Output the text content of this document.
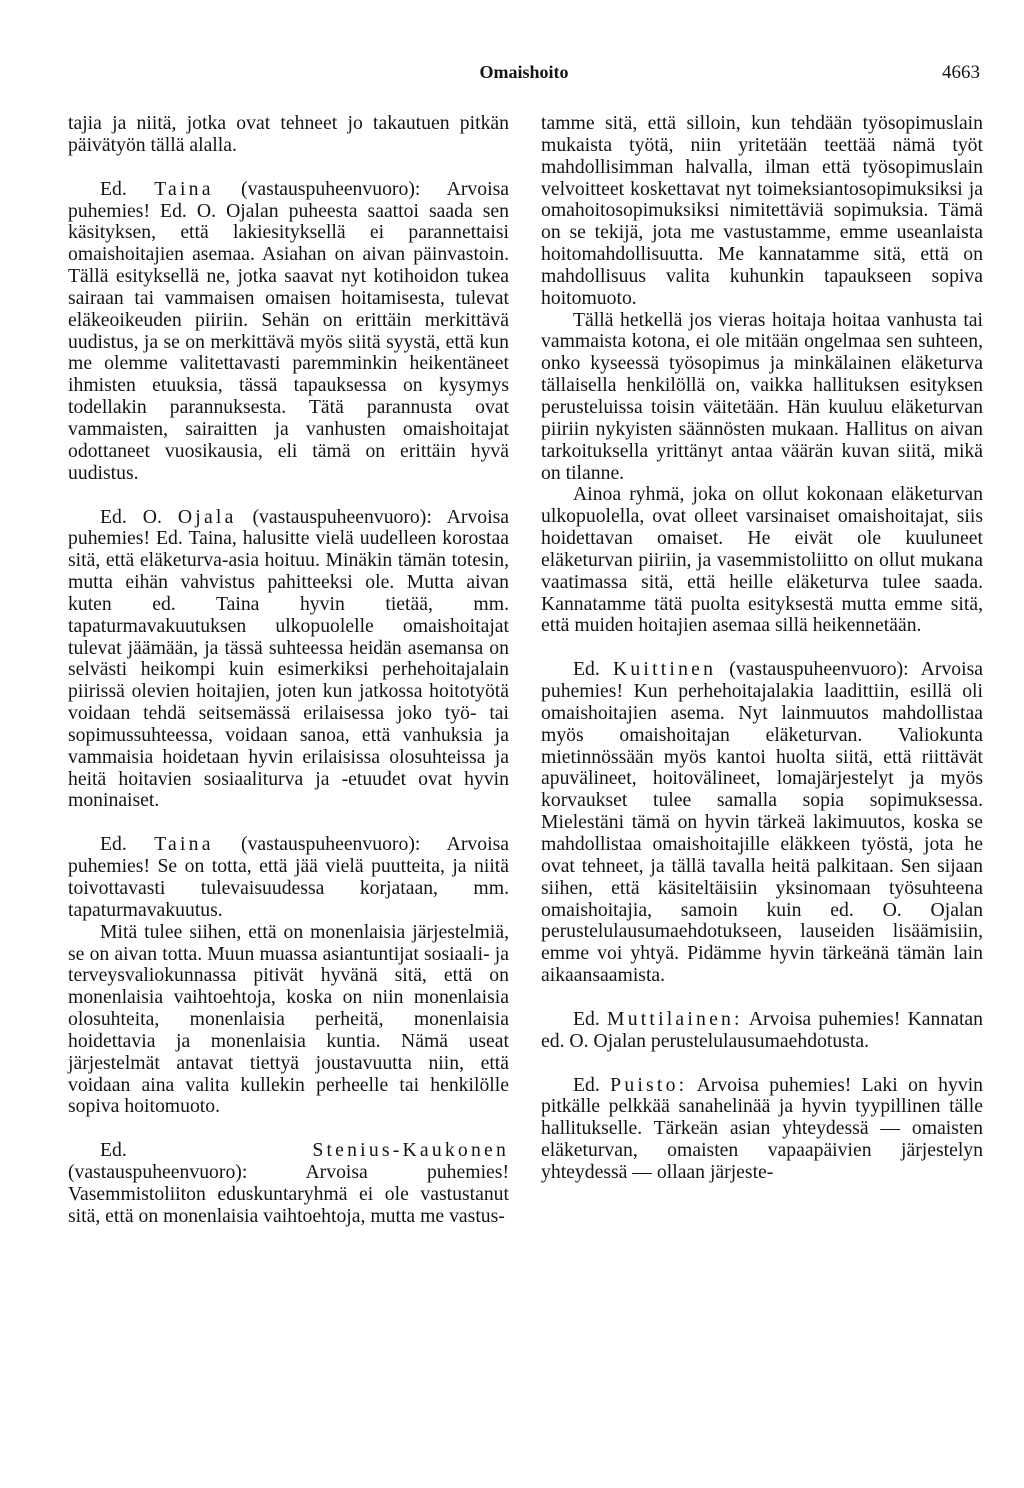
Omaishoito	4663

tajia ja niitä, jotka ovat tehneet jo takautuen pitkän päivätyön tällä alalla.

Ed. Taina (vastauspuheenvuoro): Arvoisa puhemies! Ed. O. Ojalan puheesta saattoi saada sen käsityksen, että lakiesityksellä ei parannettaisi omaishoitajien asemaa. Asiahan on aivan päinvastoin. Tällä esityksellä ne, jotka saavat nyt kotihoidon tukea sairaan tai vammaisen omaisen hoitamisesta, tulevat eläkeoikeuden piiriin. Sehän on erittäin merkittävä uudistus, ja se on merkittävä myös siitä syystä, että kun me olemme valitettavasti paremminkin heikentäneet ihmisten etuuksia, tässä tapauksessa on kysymys todellakin parannuksesta. Tätä parannusta ovat vammaisten, sairaitten ja vanhusten omaishoitajat odottaneet vuosikausia, eli tämä on erittäin hyvä uudistus.

Ed. O. Ojala (vastauspuheenvuoro): Arvoisa puhemies! Ed. Taina, halusitte vielä uudelleen korostaa sitä, että eläketurva-asia hoituu. Minäkin tämän totesin, mutta eihän vahvistus pahitteeksi ole. Mutta aivan kuten ed. Taina hyvin tietää, mm. tapaturmavakuutuksen ulkopuolelle omaishoitajat tulevat jäämään, ja tässä suhteessa heidän asemansa on selvästi heikompi kuin esimerkiksi perhehoitajalain piirissä olevien hoitajien, joten kun jatkossa hoitotyötä voidaan tehdä seitsemässä erilaisessa joko työ- tai sopimussuhteessa, voidaan sanoa, että vanhuksia ja vammaisia hoidetaan hyvin erilaisissa olosuhteissa ja heitä hoitavien sosiaaliturva ja -etuudet ovat hyvin moninaiset.

Ed. Taina (vastauspuheenvuoro): Arvoisa puhemies! Se on totta, että jää vielä puutteita, ja niitä toivottavasti tulevaisuudessa korjataan, mm. tapaturmavakuutus.

Mitä tulee siihen, että on monenlaisia järjestelmiä, se on aivan totta. Muun muassa asiantuntijat sosiaali- ja terveysvaliokunnassa pitivät hyvänä sitä, että on monenlaisia vaihtoehtoja, koska on niin monenlaisia olosuhteita, monenlaisia perheitä, monenlaisia hoidettavia ja monenlaisia kuntia. Nämä useat järjestelmät antavat tiettyä joustavuutta niin, että voidaan aina valita kullekin perheelle tai henkilölle sopiva hoitomuoto.

Ed.	Stenius-Kaukonen (vastauspuheenvuoro): Arvoisa puhemies! Vasemmistoliiton eduskuntaryhmä ei ole vastustanut sitä, että on monenlaisia vaihtoehtoja, mutta me vastus-

tamme sitä, että silloin, kun tehdään työsopimuslain mukaista työtä, niin yritetään teettää nämä työt mahdollisimman halvalla, ilman että työsopimuslain velvoitteet koskettavat nyt toimeksiantosopimuksiksi ja omahoitosopimuksiksi nimitettäviä sopimuksia. Tämä on se tekijä, jota me vastustamme, emme useanlaista hoitomahdollisuutta. Me kannatamme sitä, että on mahdollisuus valita kuhunkin tapaukseen sopiva hoitomuoto.

Tällä hetkellä jos vieras hoitaja hoitaa vanhusta tai vammaista kotona, ei ole mitään ongelmaa sen suhteen, onko kyseessä työsopimus ja minkälainen eläketurva tällaisella henkilöllä on, vaikka hallituksen esityksen perusteluissa toisin väitetään. Hän kuuluu eläketurvan piiriin nykyisten säännösten mukaan. Hallitus on aivan tarkoituksella yrittänyt antaa väärän kuvan siitä, mikä on tilanne.

Ainoa ryhmä, joka on ollut kokonaan eläketurvan ulkopuolella, ovat olleet varsinaiset omaishoitajat, siis hoidettavan omaiset. He eivät ole kuuluneet eläketurvan piiriin, ja vasemmistoliitto on ollut mukana vaatimassa sitä, että heille eläketurva tulee saada. Kannatamme tätä puolta esityksestä mutta emme sitä, että muiden hoitajien asemaa sillä heikennetään.

Ed. Kuittinen (vastauspuheenvuoro): Arvoisa puhemies! Kun perhehoitajalakia laadittiin, esillä oli omaishoitajien asema. Nyt lainmuutos mahdollistaa myös omaishoitajan eläketurvan. Valiokunta mietinnössään myös kantoi huolta siitä, että riittävät apuvälineet, hoitovälineet, lomajärjestelyt ja myös korvaukset tulee samalla sopia sopimuksessa. Mielestäni tämä on hyvin tärkeä lakimuutos, koska se mahdollistaa omaishoitajille eläkkeen työstä, jota he ovat tehneet, ja tällä tavalla heitä palkitaan. Sen sijaan siihen, että käsiteltäisiin yksinomaan työsuhteena omaishoitajia, samoin kuin ed. O. Ojalan perustelulausumaehdotukseen, lauseiden lisäämisiin, emme voi yhtyä. Pidämme hyvin tärkeänä tämän lain aikaansaamista.

Ed. Muttilainen: Arvoisa puhemies! Kannatan ed. O. Ojalan perustelulausumaehdotusta.

Ed. Puisto: Arvoisa puhemies! Laki on hyvin pitkälle pelkkää sanahelinää ja hyvin tyypillinen tälle hallitukselle. Tärkeän asian yhteydessä — omaisten eläketurvan, omaisten vapaapäivien järjestelyn yhteydessä — ollaan järjeste-
